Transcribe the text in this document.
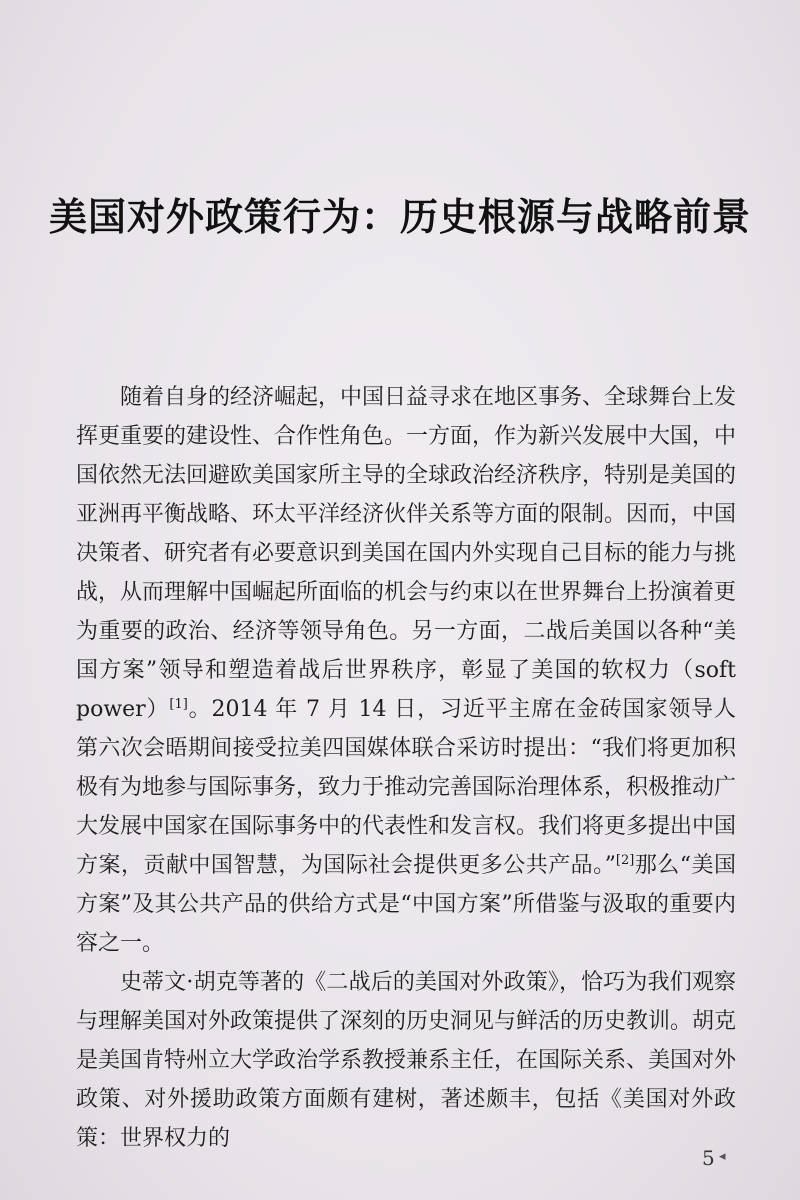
美国对外政策行为：历史根源与战略前景

随着自身的经济崛起，中国日益寻求在地区事务、全球舞台上发挥更重要的建设性、合作性角色。一方面，作为新兴发展中大国，中国依然无法回避欧美国家所主导的全球政治经济秩序，特别是美国的亚洲再平衡战略、环太平洋经济伙伴关系等方面的限制。因而，中国决策者、研究者有必要意识到美国在国内外实现自己目标的能力与挑战，从而理解中国崛起所面临的机会与约束以在世界舞台上扮演着更为重要的政治、经济等领导角色。另一方面，二战后美国以各种“美国方案”领导和塑造着战后世界秩序，彰显了美国的软权力（soft power）[1]。2014 年 7 月 14 日，习近平主席在金砖国家领导人第六次会晤期间接受拉美四国媒体联合采访时提出：“我们将更加积极有为地参与国际事务，致力于推动完善国际治理体系，积极推动广大发展中国家在国际事务中的代表性和发言权。我们将更多提出中国方案，贡献中国智慧，为国际社会提供更多公共产品。”[2]那么“美国方案”及其公共产品的供给方式是“中国方案”所借鉴与汲取的重要内容之一。

史蒂文·胡克等著的《二战后的美国对外政策》，恰巧为我们观察与理解美国对外政策提供了深刻的历史洞见与鲜活的历史教训。胡克是美国肯特州立大学政治学系教授兼系主任，在国际关系、美国对外政策、对外援助政策方面颇有建树，著述颇丰，包括《美国对外政策：世界权力的

5 ◂
